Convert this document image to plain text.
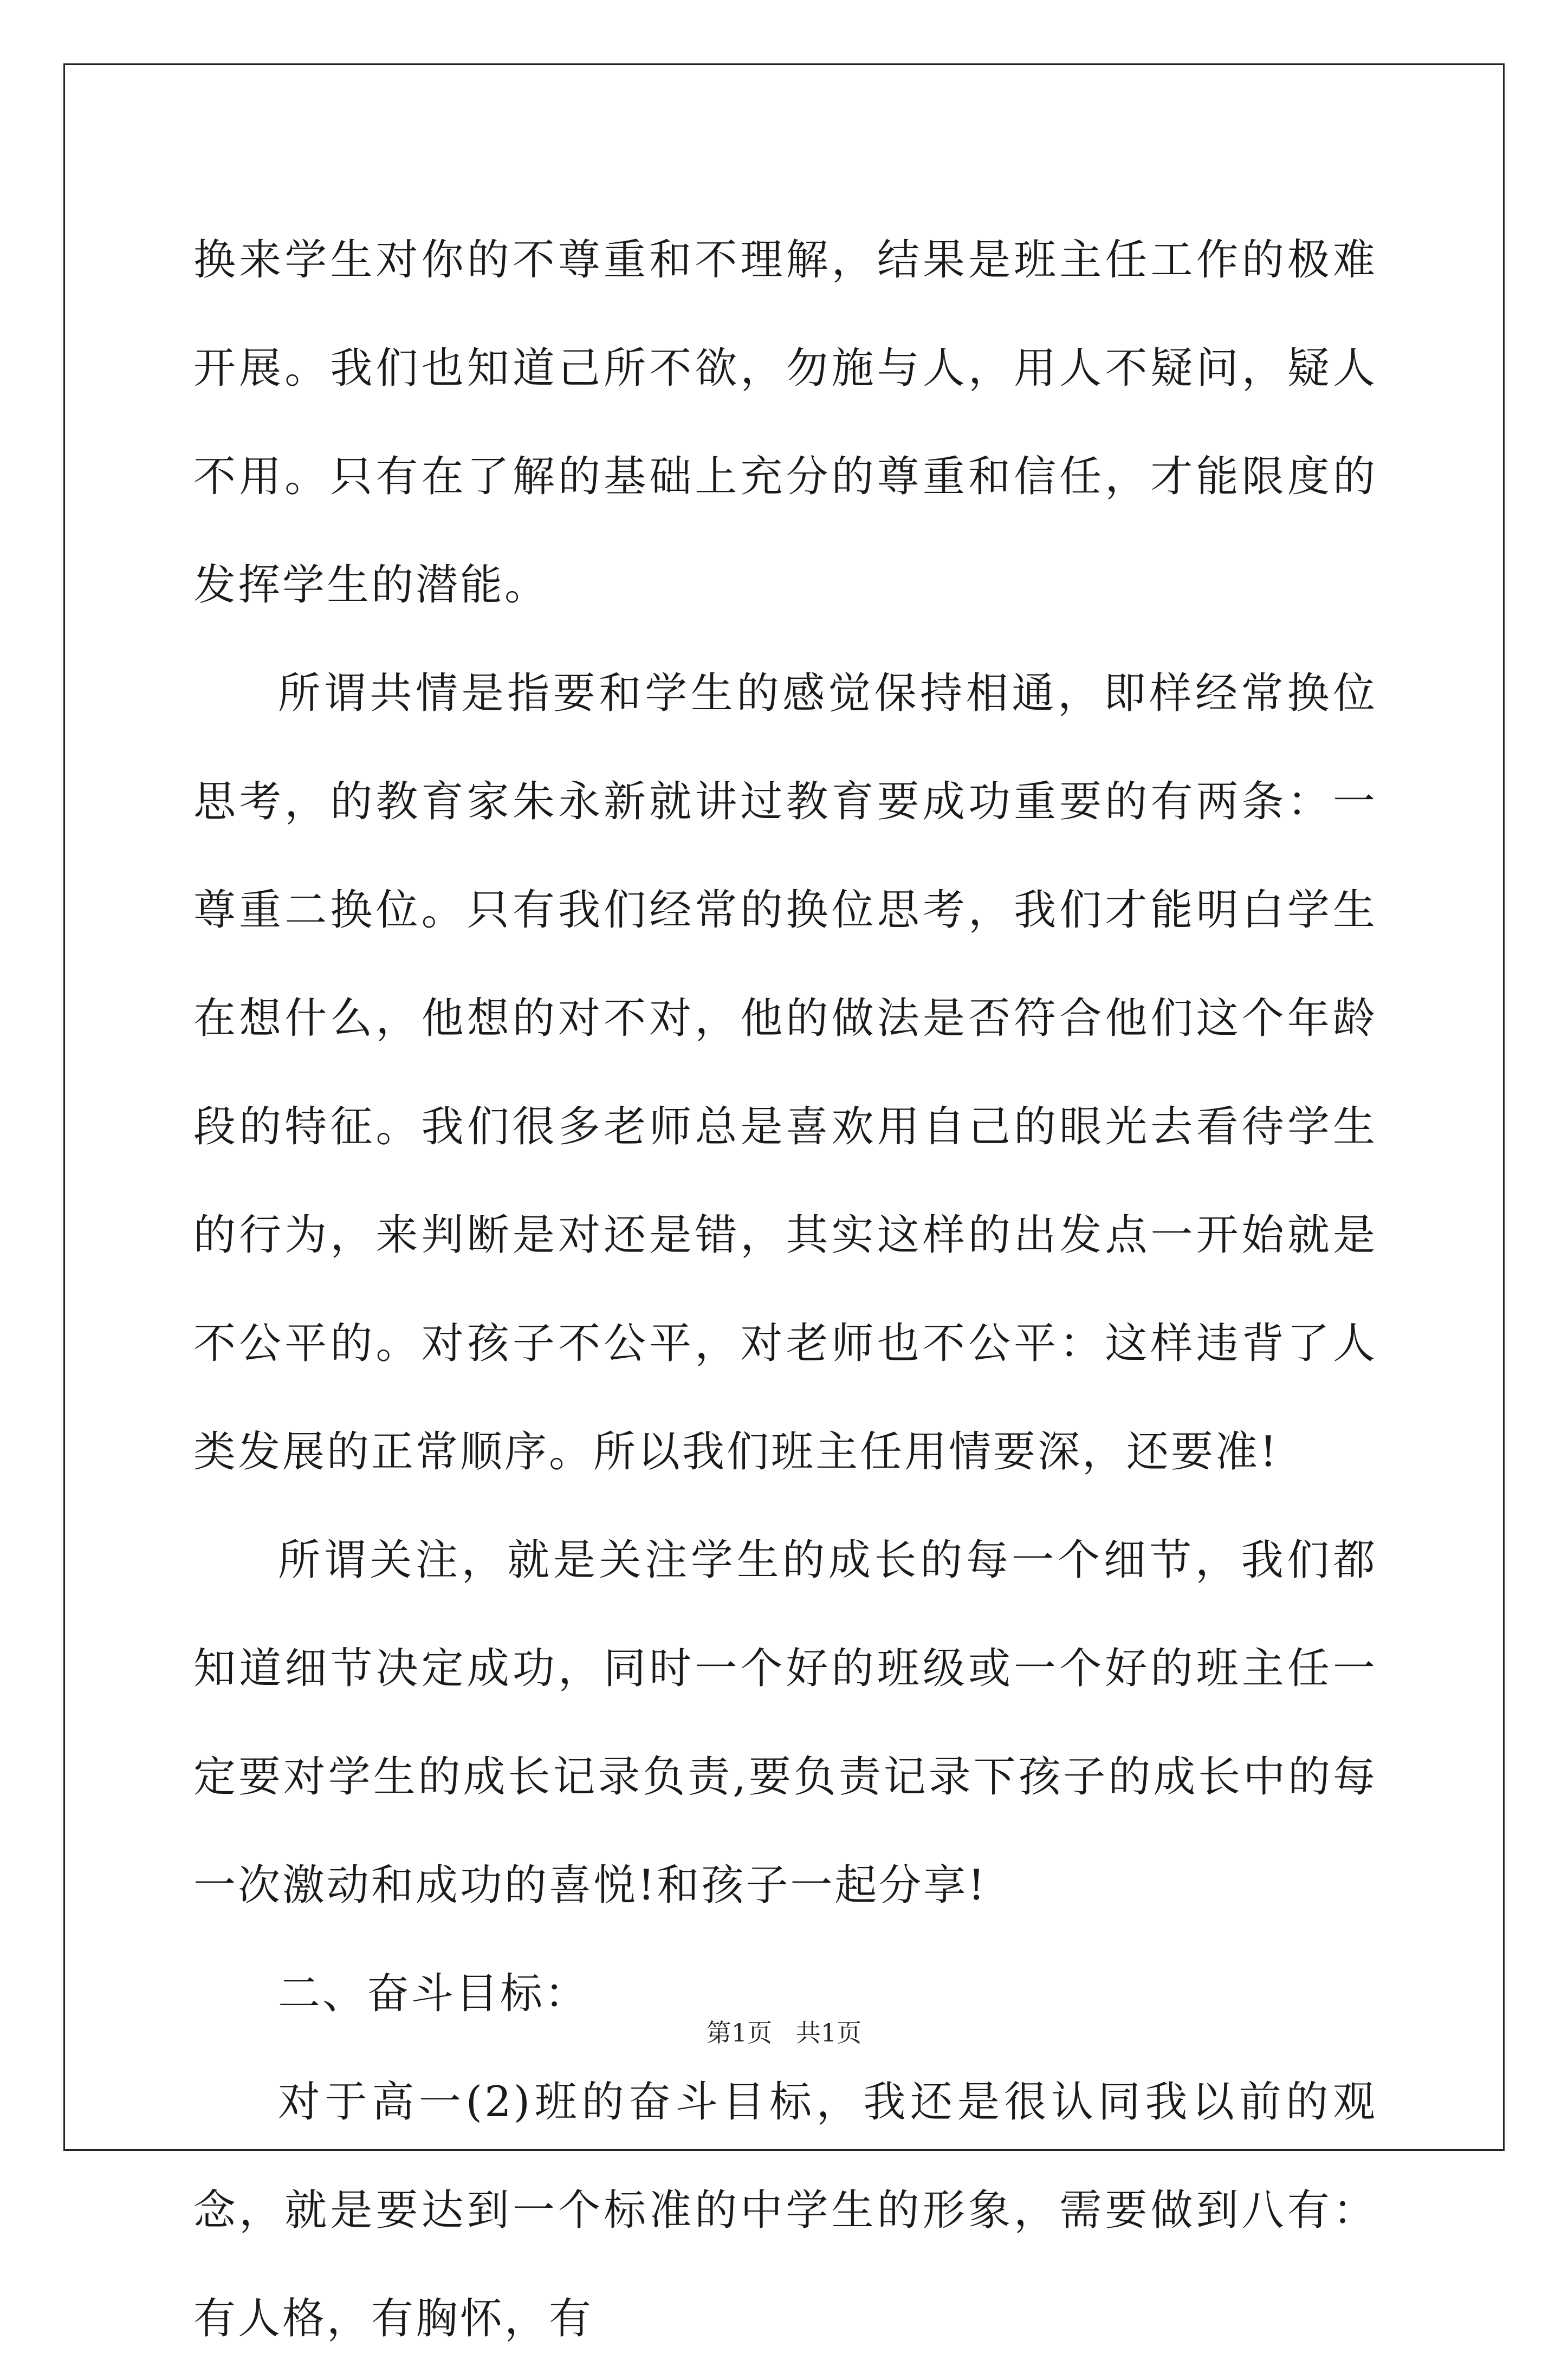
换来学生对你的不尊重和不理解，结果是班主任工作的极难开展。我们也知道己所不欲，勿施与人，用人不疑问，疑人不用。只有在了解的基础上充分的尊重和信任，才能限度的发挥学生的潜能。

所谓共情是指要和学生的感觉保持相通，即样经常换位思考，的教育家朱永新就讲过教育要成功重要的有两条：一尊重二换位。只有我们经常的换位思考，我们才能明白学生在想什么，他想的对不对，他的做法是否符合他们这个年龄段的特征。我们很多老师总是喜欢用自己的眼光去看待学生的行为，来判断是对还是错，其实这样的出发点一开始就是不公平的。对孩子不公平，对老师也不公平：这样违背了人类发展的正常顺序。所以我们班主任用情要深，还要准!

所谓关注，就是关注学生的成长的每一个细节，我们都知道细节决定成功，同时一个好的班级或一个好的班主任一定要对学生的成长记录负责,要负责记录下孩子的成长中的每一次激动和成功的喜悦!和孩子一起分享!

二、奋斗目标：

对于高一(2)班的奋斗目标，我还是很认同我以前的观念，就是要达到一个标准的中学生的形象，需要做到八有：有人格，有胸怀，有

第1页   共1页
